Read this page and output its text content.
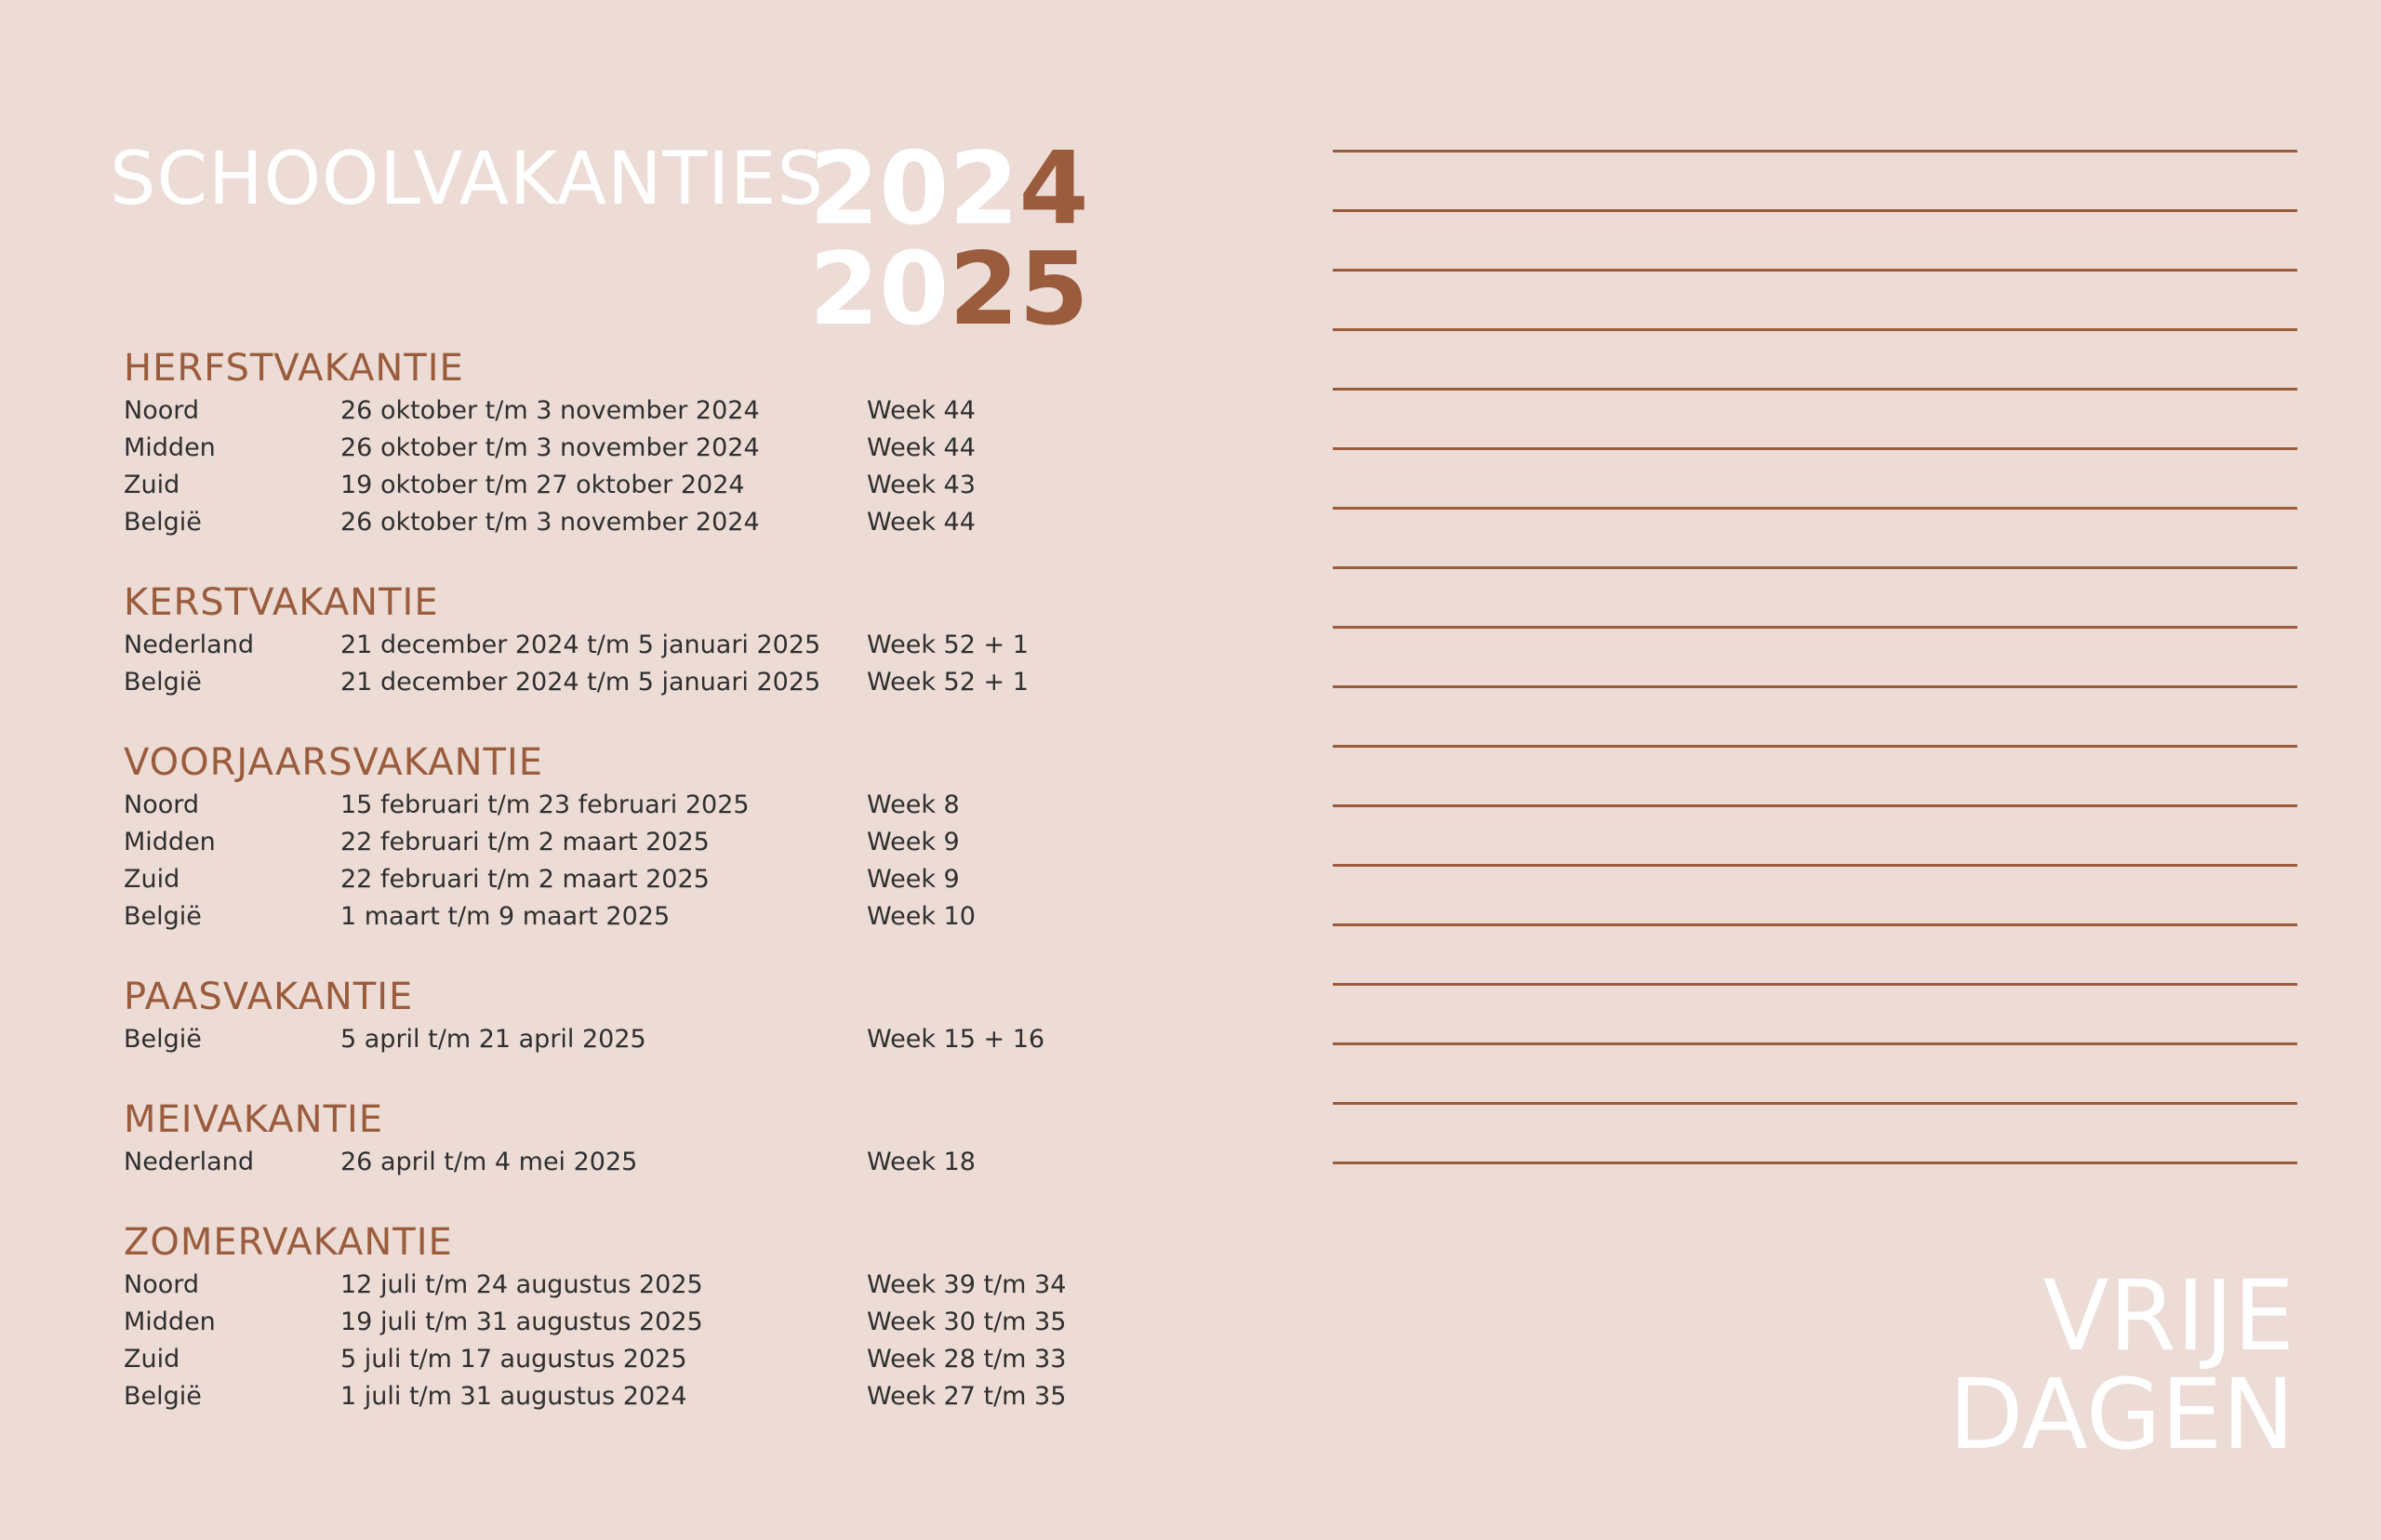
SCHOOLVAKANTIES
2024
2025
HERFSTVAKANTIE
Noord	26 oktober t/m 3 november 2024	Week 44
Midden	26 oktober t/m 3 november 2024	Week 44
Zuid	19 oktober t/m 27 oktober 2024	Week 43
België	26 oktober t/m 3 november 2024	Week 44
KERSTVAKANTIE
Nederland	21 december 2024 t/m 5 januari 2025	Week 52 + 1
België	21 december 2024 t/m 5 januari 2025	Week 52 + 1
VOORJAARSVAKANTIE
Noord	15 februari t/m 23 februari 2025	Week 8
Midden	22 februari t/m 2 maart 2025	Week 9
Zuid	22 februari t/m 2 maart 2025	Week 9
België	1 maart t/m 9 maart 2025	Week 10
PAASVAKANTIE
België	5 april t/m 21 april 2025	Week 15 + 16
MEIVAKANTIE
Nederland	26 april t/m 4 mei 2025	Week 18
ZOMERVAKANTIE
Noord	12 juli t/m 24 augustus 2025	Week 39 t/m 34
Midden	19 juli t/m 31 augustus 2025	Week 30 t/m 35
Zuid	5 juli t/m 17 augustus 2025	Week 28 t/m 33
België	1 juli t/m 31 augustus 2024	Week 27 t/m 35
VRIJE
DAGEN
